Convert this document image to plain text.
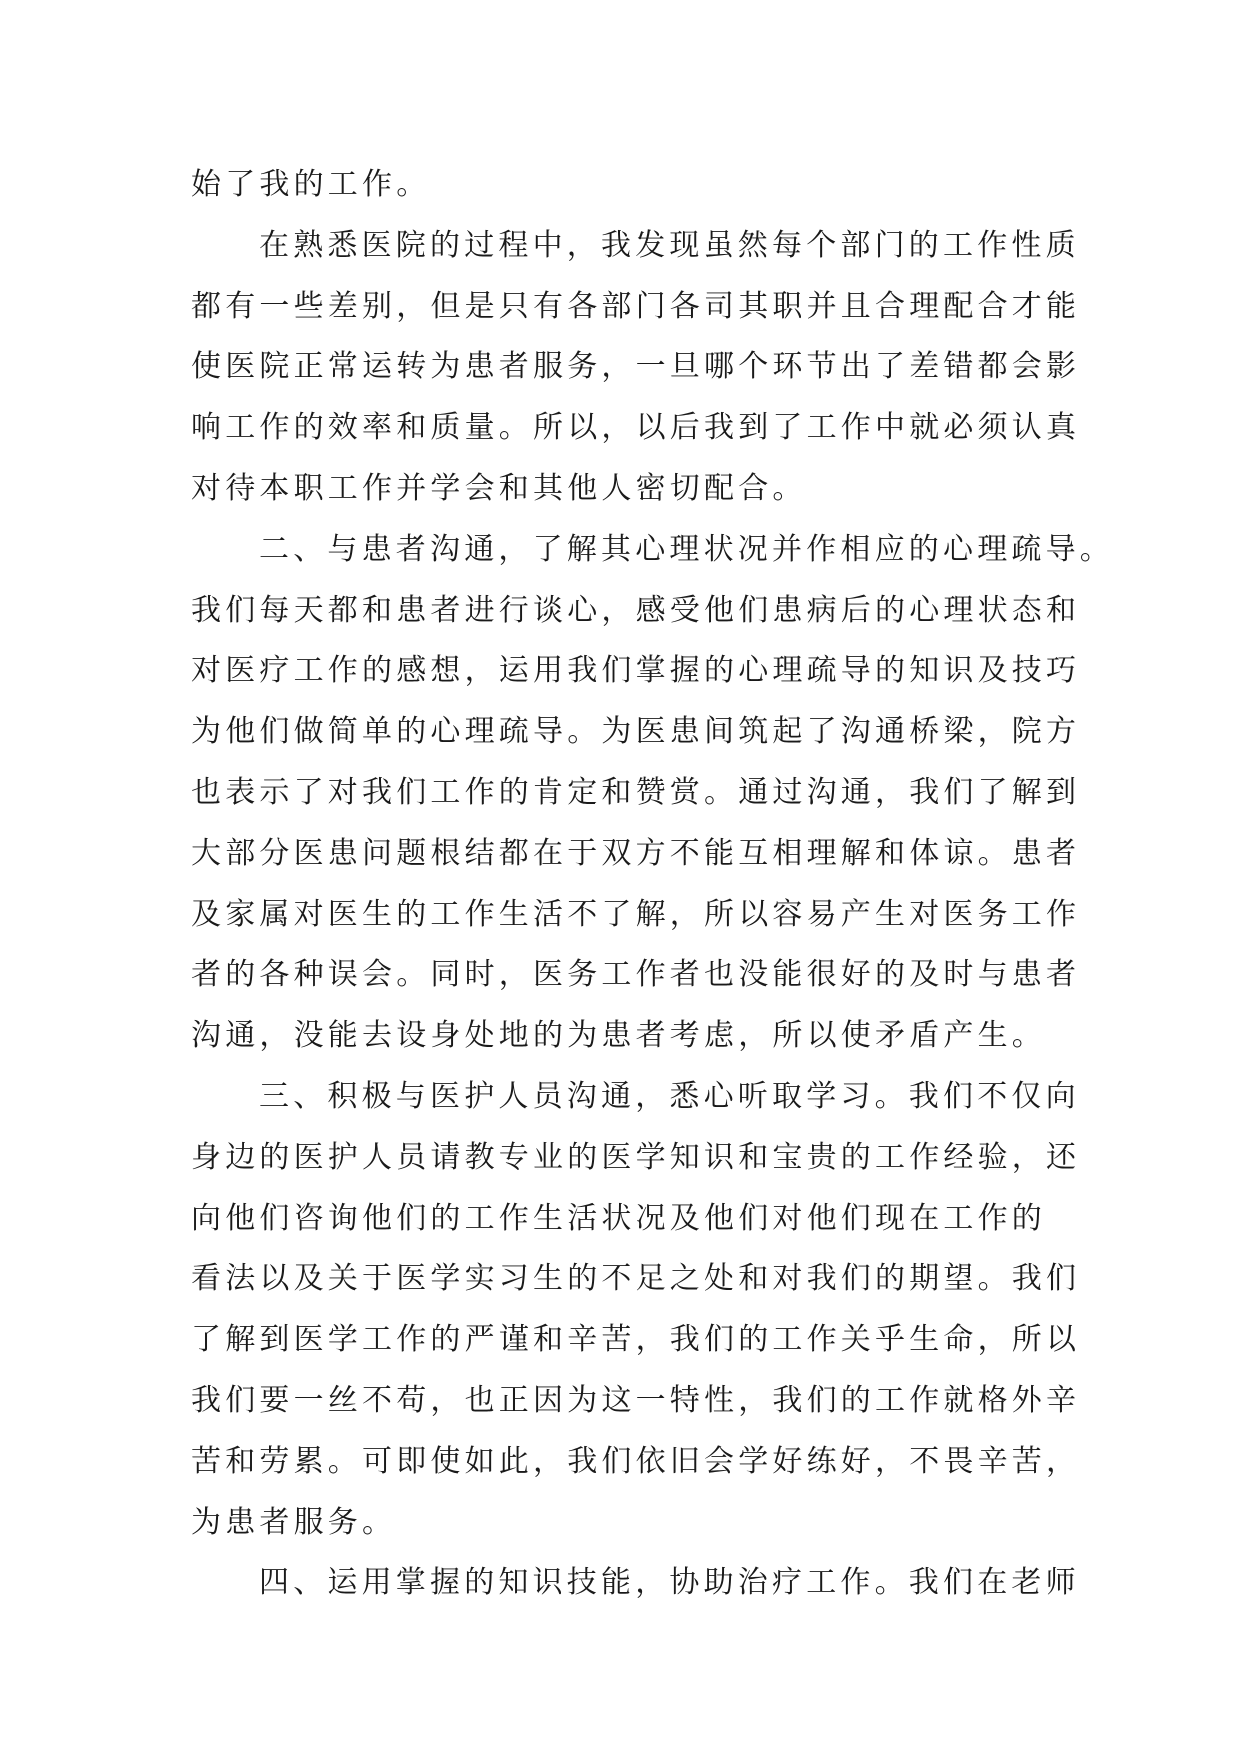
始了我的工作。
在熟悉医院的过程中，我发现虽然每个部门的工作性质
都有一些差别，但是只有各部门各司其职并且合理配合才能
使医院正常运转为患者服务，一旦哪个环节出了差错都会影
响工作的效率和质量。所以，以后我到了工作中就必须认真
对待本职工作并学会和其他人密切配合。
二、与患者沟通，了解其心理状况并作相应的心理疏导。
我们每天都和患者进行谈心，感受他们患病后的心理状态和
对医疗工作的感想，运用我们掌握的心理疏导的知识及技巧
为他们做简单的心理疏导。为医患间筑起了沟通桥梁，院方
也表示了对我们工作的肯定和赞赏。通过沟通，我们了解到
大部分医患问题根结都在于双方不能互相理解和体谅。患者
及家属对医生的工作生活不了解，所以容易产生对医务工作
者的各种误会。同时，医务工作者也没能很好的及时与患者
沟通，没能去设身处地的为患者考虑，所以使矛盾产生。
三、积极与医护人员沟通，悉心听取学习。我们不仅向
身边的医护人员请教专业的医学知识和宝贵的工作经验，还
向他们咨询他们的工作生活状况及他们对他们现在工作的
看法以及关于医学实习生的不足之处和对我们的期望。我们
了解到医学工作的严谨和辛苦，我们的工作关乎生命，所以
我们要一丝不苟，也正因为这一特性，我们的工作就格外辛
苦和劳累。可即使如此，我们依旧会学好练好，不畏辛苦，
为患者服务。
四、运用掌握的知识技能，协助治疗工作。我们在老师
